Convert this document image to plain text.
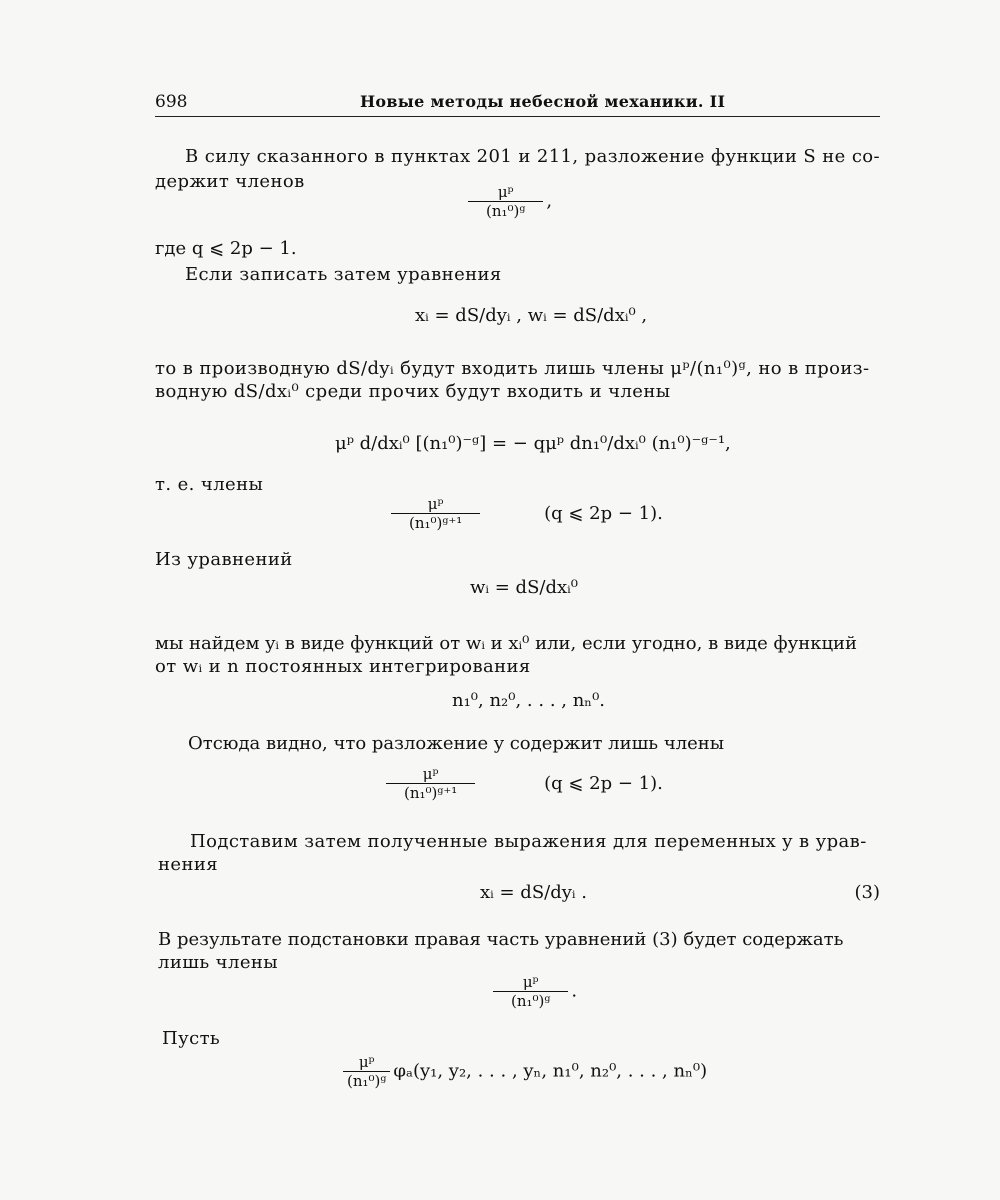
698	Новые методы небесной механики. II
В силу сказанного в пунктах 201 и 211, разложение функции S не со-
держит членов
$\frac{\text{μᵖ}}{\text{(n₁⁰)ᵍ}}$ ,
где q ⩽ 2p − 1.
Если записать затем уравнения
xᵢ = dS/dyᵢ , wᵢ = dS/dxᵢ⁰ ,
то в производную dS/dyᵢ будут входить лишь члены μᵖ/(n₁⁰)ᵍ, но в произ-
водную dS/dxᵢ⁰ среди прочих будут входить и члены
μᵖ d/dxᵢ⁰ [(n₁⁰)⁻ᵍ] = − qμᵖ dn₁⁰/dxᵢ⁰ (n₁⁰)⁻ᵍ⁻¹,
т. е. члены
$\frac{\text{μᵖ}}{\text{(n₁⁰)ᵍ⁺¹}}$	(q ⩽ 2p − 1).
Из уравнений
wᵢ = dS/dxᵢ⁰
мы найдем yᵢ в виде функций от wᵢ и xᵢ⁰ или, если угодно, в виде функций
от wᵢ и n постоянных интегрирования
n₁⁰, n₂⁰, . . . , nₙ⁰.
Отсюда видно, что разложение y содержит лишь члены
$\frac{\text{μᵖ}}{\text{(n₁⁰)ᵍ⁺¹}}$	(q ⩽ 2p − 1).
Подставим затем полученные выражения для переменных y в урав-
нения
xᵢ = dS/dyᵢ .	(3)
В результате подстановки правая часть уравнений (3) будет содержать
лишь члены
$\frac{\text{μᵖ}}{\text{(n₁⁰)ᵍ}}$ .
Пусть
$\frac{\text{μᵖ}}{\text{(n₁⁰)ᵍ}} \varphi_a(y_1$, y₂, . . . , yₙ, n₁⁰, n₂⁰, . . . , nₙ⁰)
